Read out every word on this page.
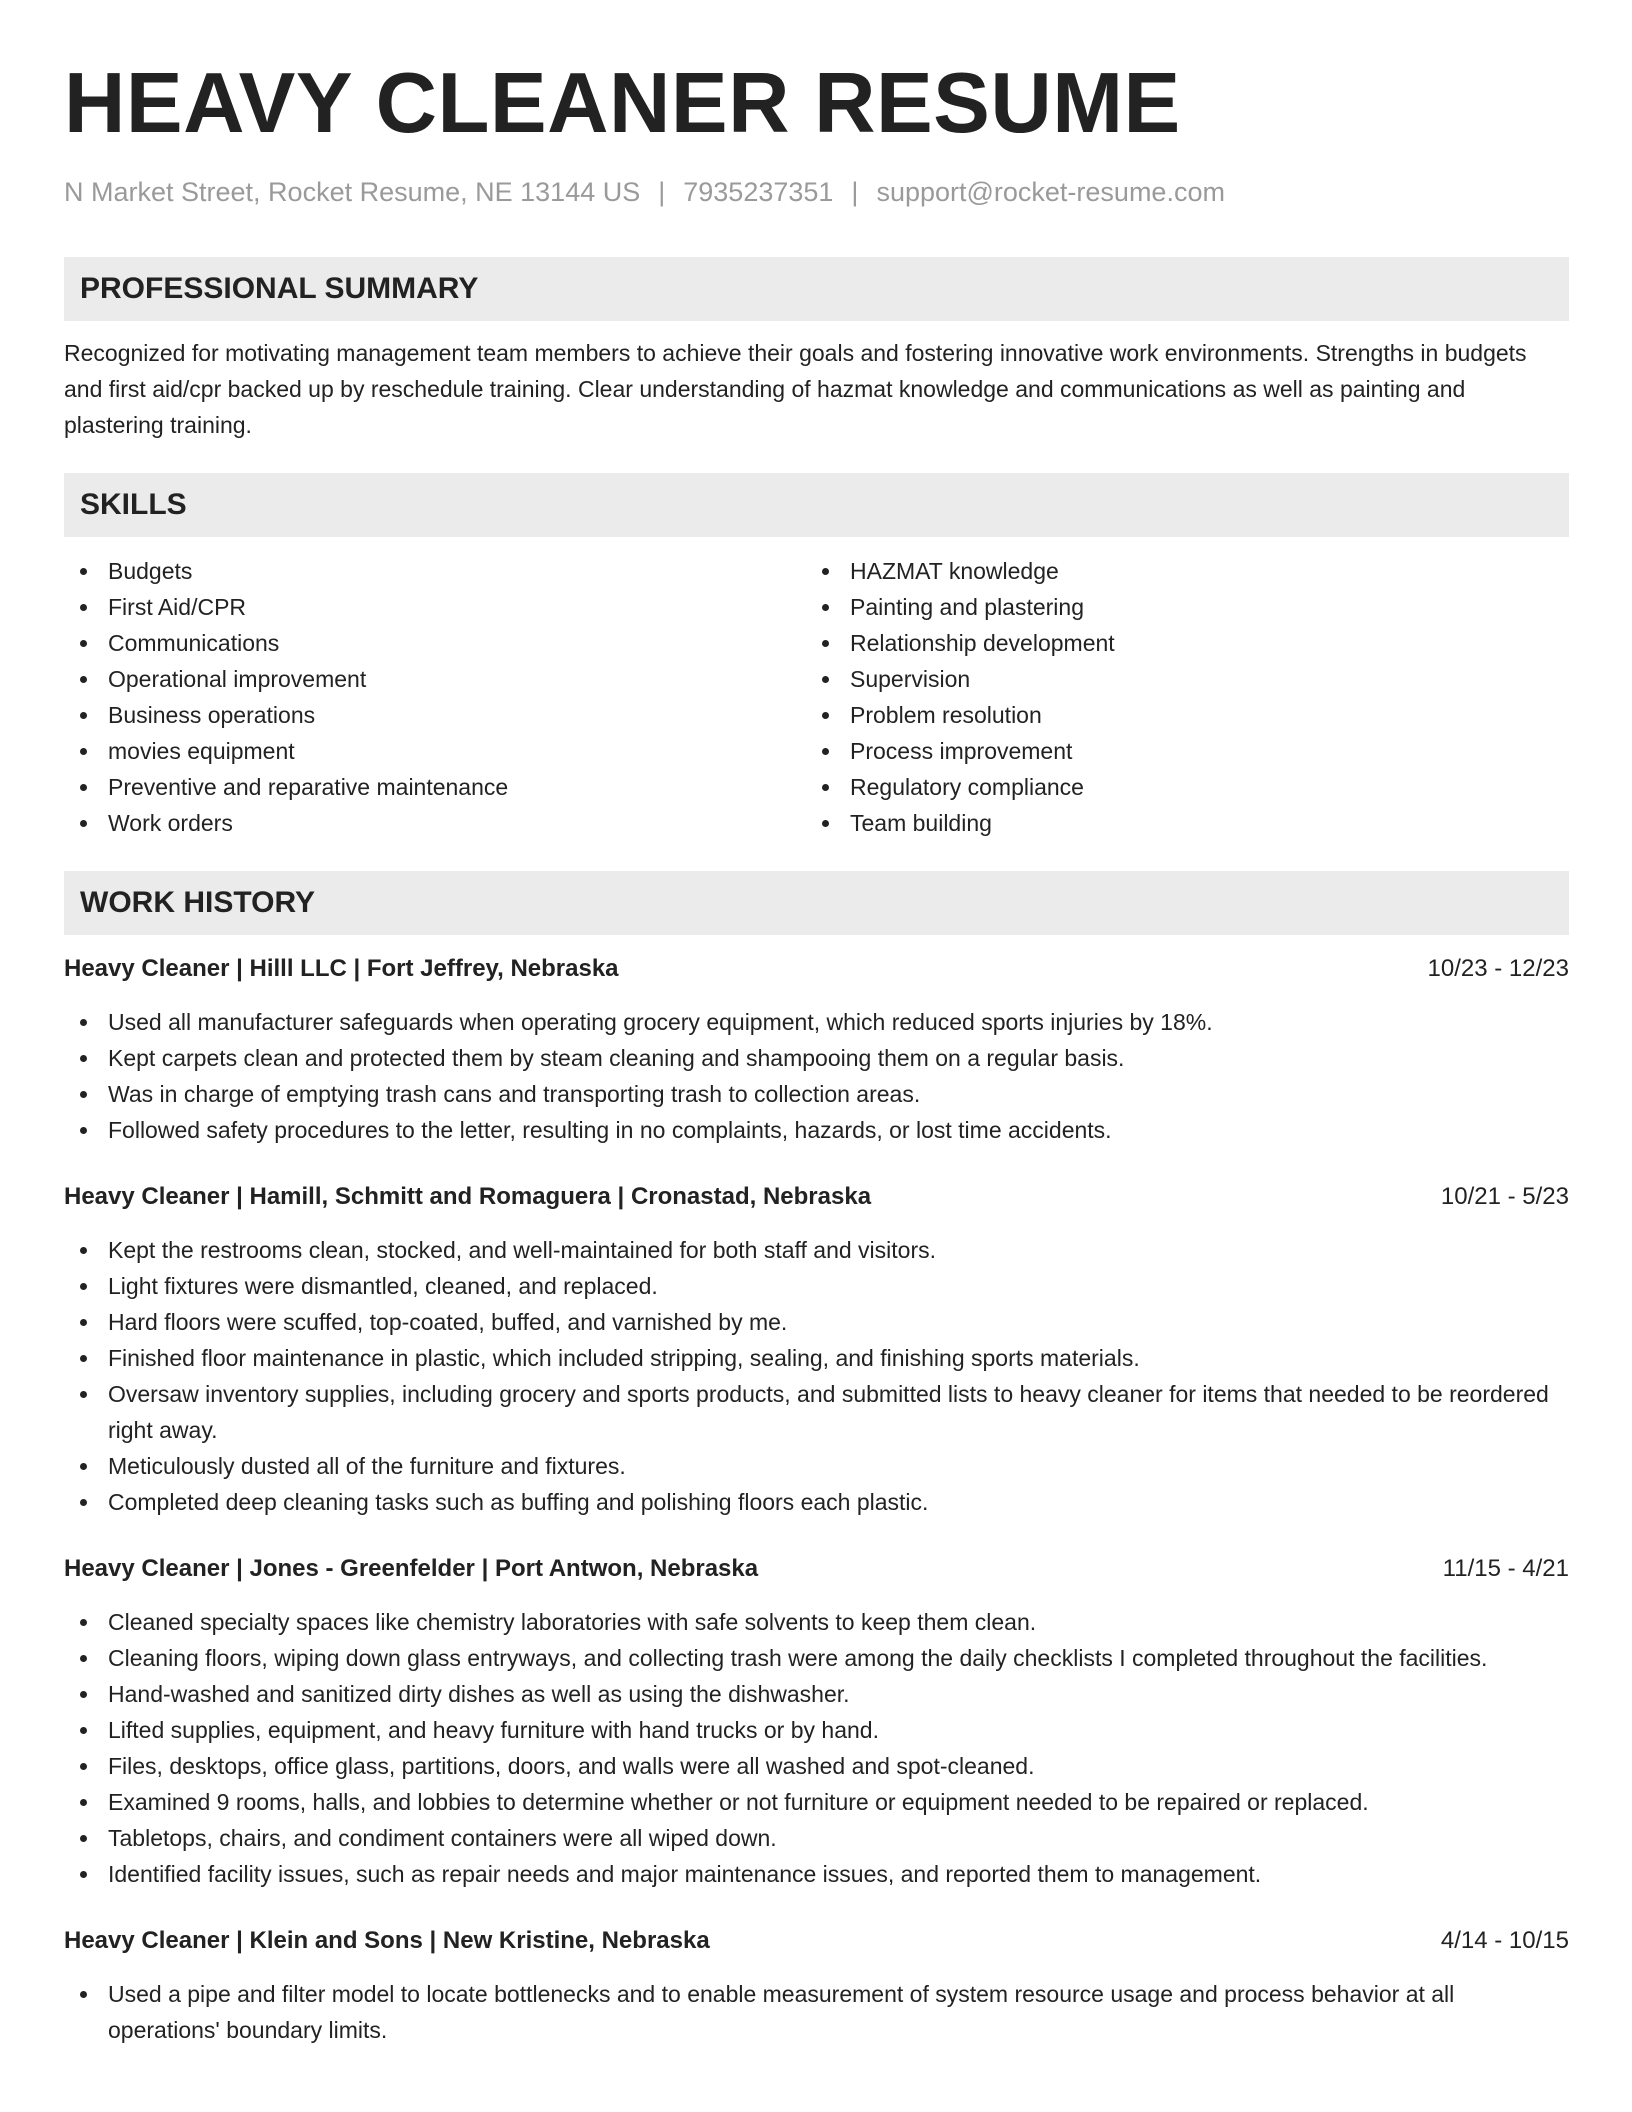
HEAVY CLEANER RESUME
N Market Street, Rocket Resume, NE 13144 US | 7935237351 | support@rocket-resume.com
PROFESSIONAL SUMMARY

Recognized for motivating management team members to achieve their goals and fostering innovative work environments. Strengths in budgets and first aid/cpr backed up by reschedule training. Clear understanding of hazmat knowledge and communications as well as painting and plastering training.

SKILLS
Budgets
First Aid/CPR
Communications
Operational improvement
Business operations
movies equipment
Preventive and reparative maintenance
Work orders
HAZMAT knowledge
Painting and plastering
Relationship development
Supervision
Problem resolution
Process improvement
Regulatory compliance
Team building
WORK HISTORY
Heavy Cleaner | Hilll LLC | Fort Jeffrey, Nebraska	10/23 - 12/23
Used all manufacturer safeguards when operating grocery equipment, which reduced sports injuries by 18%.
Kept carpets clean and protected them by steam cleaning and shampooing them on a regular basis.
Was in charge of emptying trash cans and transporting trash to collection areas.
Followed safety procedures to the letter, resulting in no complaints, hazards, or lost time accidents.
Heavy Cleaner | Hamill, Schmitt and Romaguera | Cronastad, Nebraska	10/21 - 5/23
Kept the restrooms clean, stocked, and well-maintained for both staff and visitors.
Light fixtures were dismantled, cleaned, and replaced.
Hard floors were scuffed, top-coated, buffed, and varnished by me.
Finished floor maintenance in plastic, which included stripping, sealing, and finishing sports materials.
Oversaw inventory supplies, including grocery and sports products, and submitted lists to heavy cleaner for items that needed to be reordered right away.
Meticulously dusted all of the furniture and fixtures.
Completed deep cleaning tasks such as buffing and polishing floors each plastic.
Heavy Cleaner | Jones - Greenfelder | Port Antwon, Nebraska	11/15 - 4/21
Cleaned specialty spaces like chemistry laboratories with safe solvents to keep them clean.
Cleaning floors, wiping down glass entryways, and collecting trash were among the daily checklists I completed throughout the facilities.
Hand-washed and sanitized dirty dishes as well as using the dishwasher.
Lifted supplies, equipment, and heavy furniture with hand trucks or by hand.
Files, desktops, office glass, partitions, doors, and walls were all washed and spot-cleaned.
Examined 9 rooms, halls, and lobbies to determine whether or not furniture or equipment needed to be repaired or replaced.
Tabletops, chairs, and condiment containers were all wiped down.
Identified facility issues, such as repair needs and major maintenance issues, and reported them to management.
Heavy Cleaner | Klein and Sons | New Kristine, Nebraska	4/14 - 10/15
Used a pipe and filter model to locate bottlenecks and to enable measurement of system resource usage and process behavior at all operations' boundary limits.
